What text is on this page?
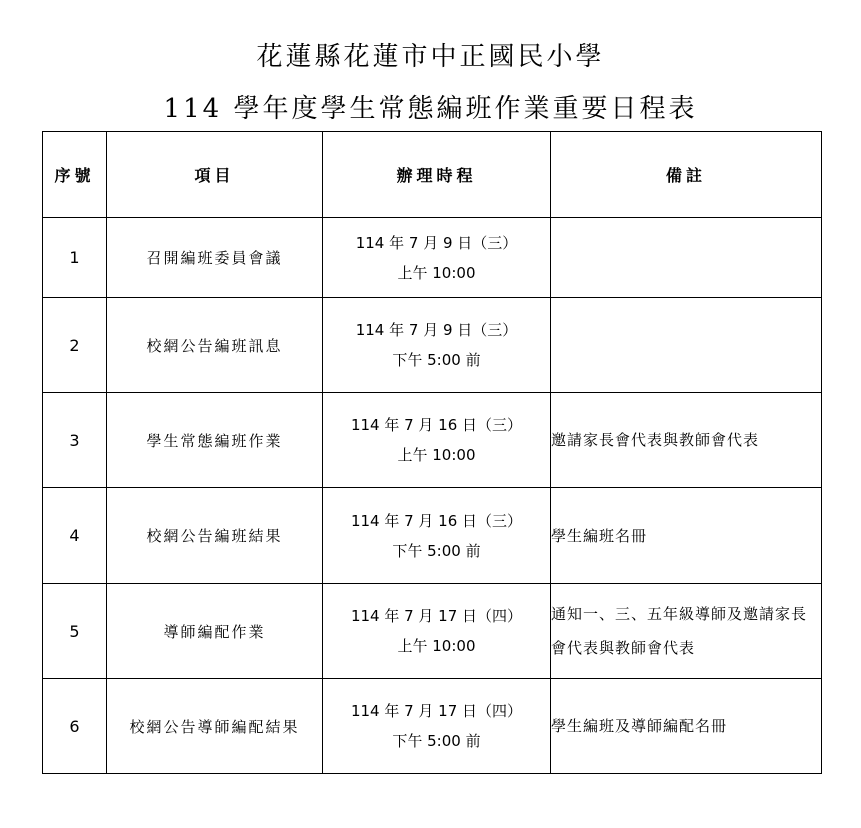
花蓮縣花蓮市中正國民小學
114 學年度學生常態編班作業重要日程表
序號	項目	辦理時程	備註
1	召開編班委員會議	114 年 7 月 9 日（三）
上午 10:00	

2	校網公告編班訊息	114 年 7 月 9 日（三）
下午 5:00 前	

3	學生常態編班作業	114 年 7 月 16 日（三）
上午 10:00	邀請家長會代表與教師會代表
4	校網公告編班結果	114 年 7 月 16 日（三）
下午 5:00 前	學生編班名冊
5	導師編配作業	114 年 7 月 17 日（四）
上午 10:00	通知一、三、五年級導師及邀請家長會代表與教師會代表
6	校網公告導師編配結果	114 年 7 月 17 日（四）
下午 5:00 前	學生編班及導師編配名冊
